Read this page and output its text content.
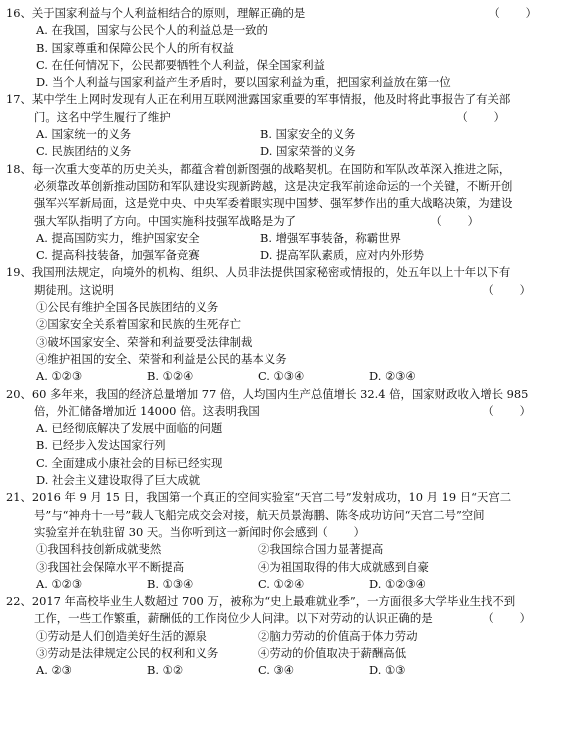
16、关于国家利益与个人利益相结合的原则，理解正确的是	（　　）
A. 在我国，国家与公民个人的利益总是一致的
B. 国家尊重和保障公民个人的所有权益
C. 在任何情况下，公民都要牺牲个人利益，保全国家利益
D. 当个人利益与国家利益产生矛盾时，要以国家利益为重，把国家利益放在第一位
17、某中学生上网时发现有人正在利用互联网泄露国家重要的军事情报，他及时将此事报告了有关部
门。这名中学生履行了维护	（　　）
A. 国家统一的义务	B. 国家安全的义务
C. 民族团结的义务	D. 国家荣誉的义务
18、每一次重大变革的历史关头，都蕴含着创新图强的战略契机。在国防和军队改革深入推进之际，
必须靠改革创新推动国防和军队建设实现新跨越，这是决定我军前途命运的一个关键，不断开创
强军兴军新局面，这是党中央、中央军委着眼实现中国梦、强军梦作出的重大战略决策，为建设
强大军队指明了方向。中国实施科技强军战略是为了	（　　）
A. 提高国防实力，维护国家安全	B. 增强军事装备，称霸世界
C. 提高科技装备，加强军备竞赛	D. 提高军队素质，应对内外形势
19、我国刑法规定，向境外的机构、组织、人员非法提供国家秘密或情报的，处五年以上十年以下有
期徒刑。这说明	（　　）
①公民有维护全国各民族团结的义务
②国家安全关系着国家和民族的生死存亡
③破坏国家安全、荣誉和利益要受法律制裁
④维护祖国的安全、荣誉和利益是公民的基本义务
A. ①②③	B. ①②④	C. ①③④	D. ②③④
20、60 多年来，我国的经济总量增加 77 倍，人均国内生产总值增长 32.4 倍，国家财政收入增长 985
倍，外汇储备增加近 14000 倍。这表明我国	（　　）
A. 已经彻底解决了发展中面临的问题
B. 已经步入发达国家行列
C. 全面建成小康社会的目标已经实现
D. 社会主义建设取得了巨大成就
21、2016 年 9 月 15 日，我国第一个真正的空间实验室“天宫二号”发射成功，10 月 19 日“天宫二
号”与“神舟十一号”载人飞船完成交会对接，航天员景海鹏、陈冬成功访问“天宫二号”空间
实验室并在轨驻留 30 天。当你听到这一新闻时你会感到
（　　）
①我国科技创新成就斐然	②我国综合国力显著提高
③我国社会保障水平不断提高	④为祖国取得的伟大成就感到自豪
A. ①②③	B. ①③④	C. ①②④	D. ①②③④
22、2017 年高校毕业生人数超过 700 万，被称为“史上最难就业季”，一方面很多大学毕业生找不到
工作，一些工作繁重，薪酬低的工作岗位少人问津。以下对劳动的认识正确的是	（　　）
①劳动是人们创造美好生活的源泉	②脑力劳动的价值高于体力劳动
③劳动是法律规定公民的权利和义务	④劳动的价值取决于薪酬高低
A. ②③	B. ①②	C. ③④	D. ①③
